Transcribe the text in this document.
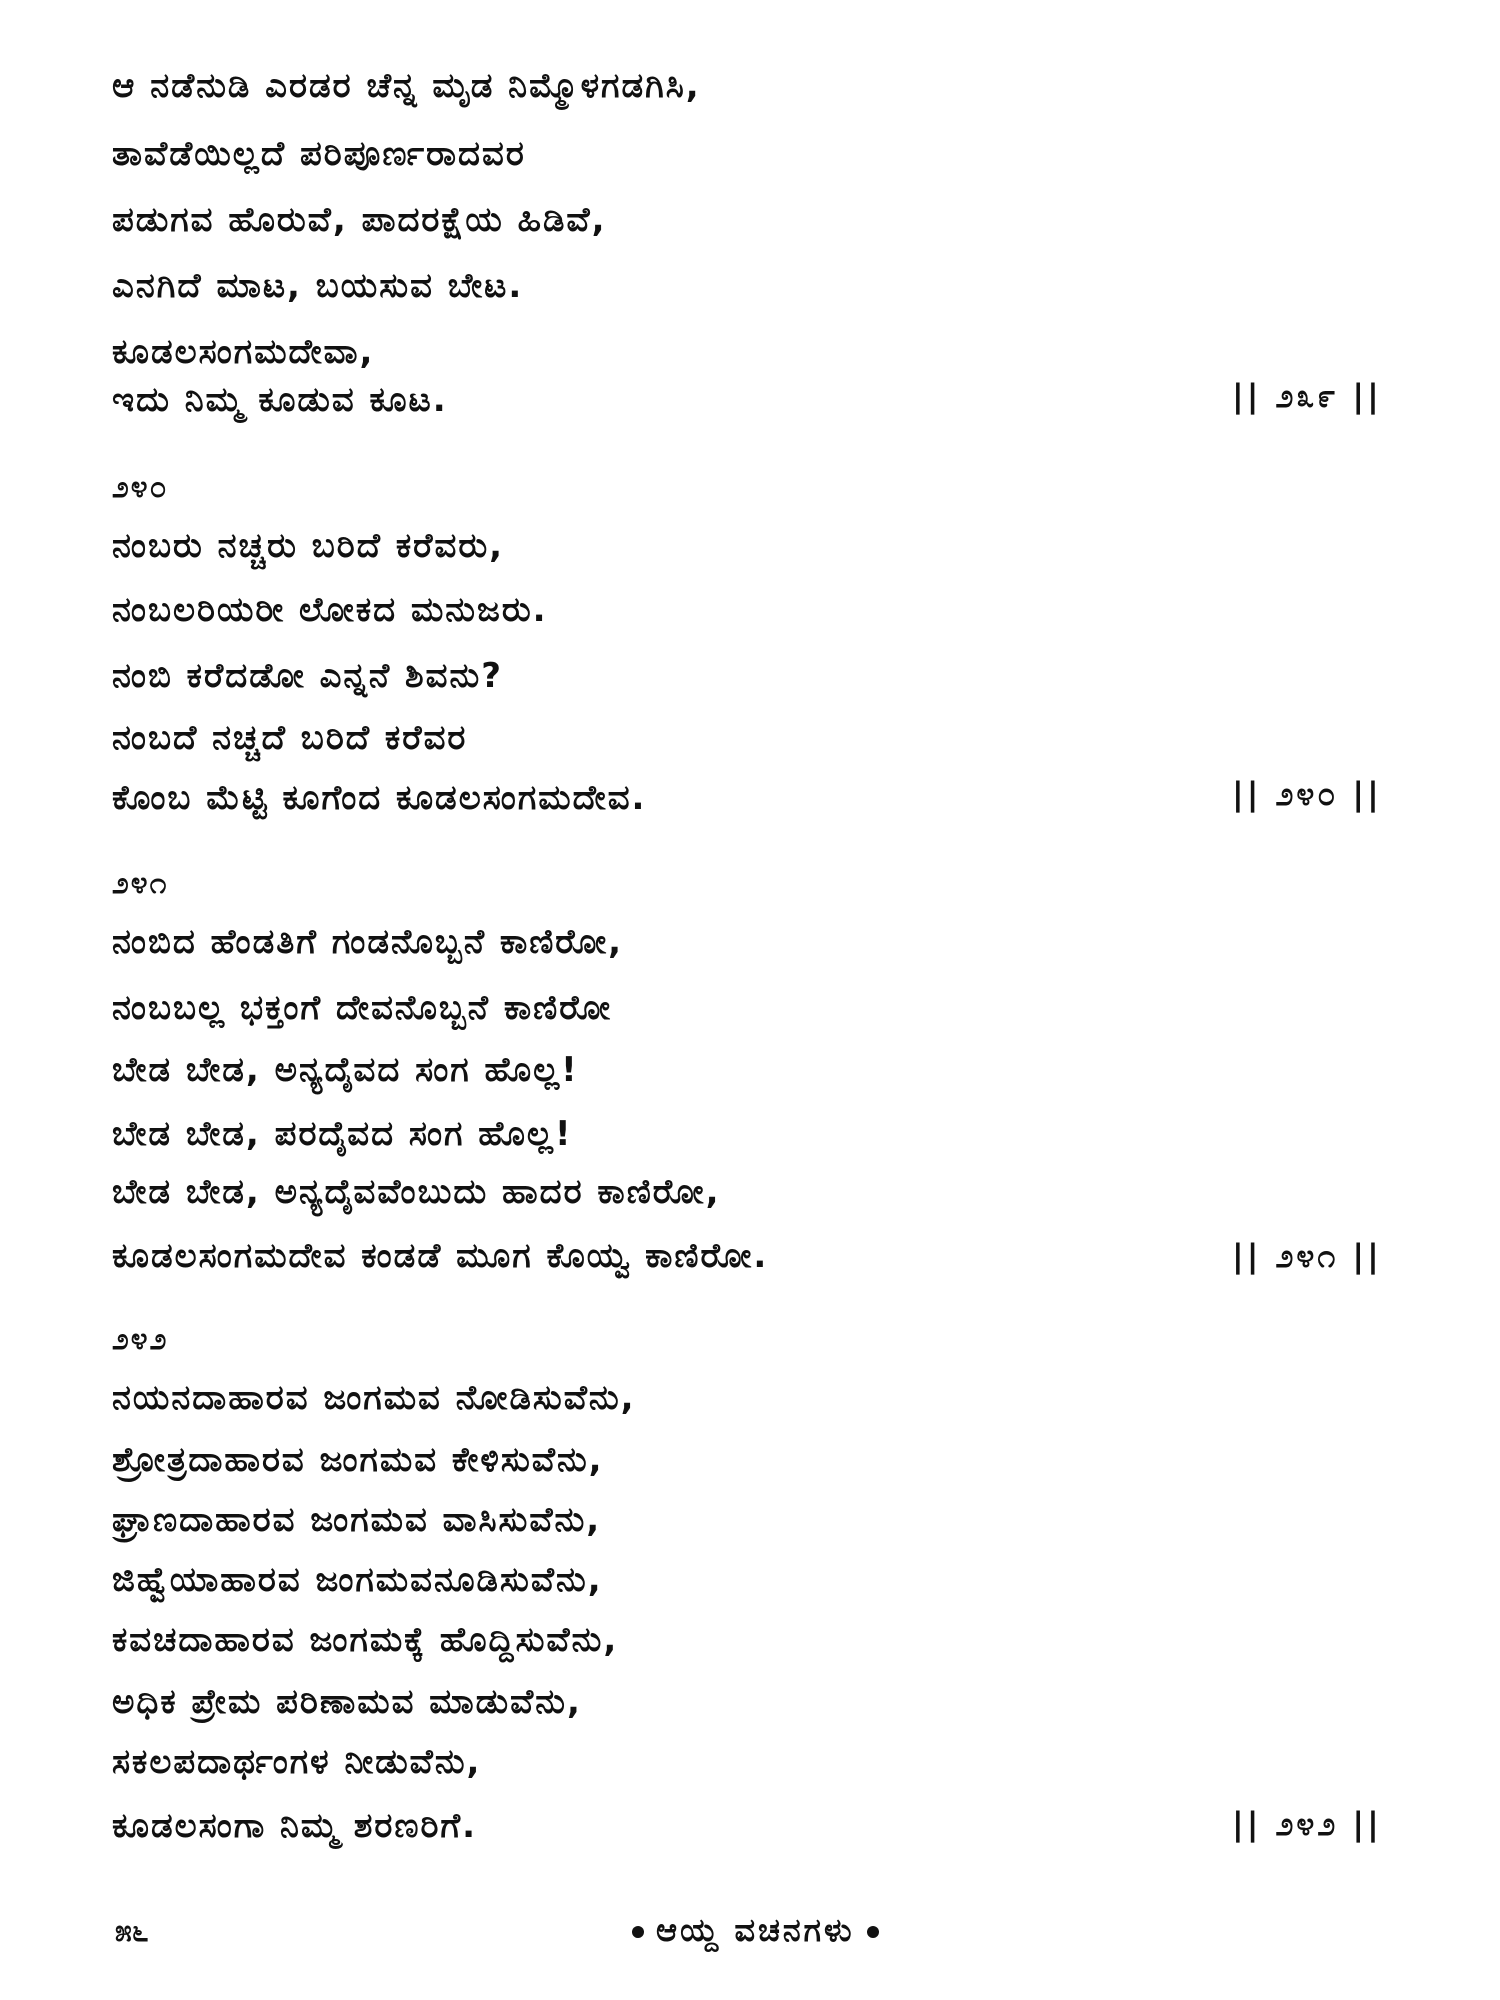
ಆ ನಡೆನುಡಿ ಎರಡರ ಚೆನ್ನ ಮೃಡ ನಿಮ್ಮೊಳಗಡಗಿಸಿ,
ತಾವೆಡೆಯಿಲ್ಲದೆ ಪರಿಪೂರ್ಣರಾದವರ
ಪಡುಗವ ಹೊರುವೆ, ಪಾದರಕ್ಷೆಯ ಹಿಡಿವೆ,
ಎನಗಿದೆ ಮಾಟ, ಬಯಸುವ ಬೇಟ.
ಕೂಡಲಸಂಗಮದೇವಾ,
ಇದು ನಿಮ್ಮ ಕೂಡುವ ಕೂಟ.	|| ೨೩೯ ||
೨೪೦
ನಂಬರು ನಚ್ಚರು ಬರಿದೆ ಕರೆವರು,
ನಂಬಲರಿಯರೀ ಲೋಕದ ಮನುಜರು.
ನಂಬಿ ಕರೆದಡೋ ಎನ್ನನೆ ಶಿವನು?
ನಂಬದೆ ನಚ್ಚದೆ ಬರಿದೆ ಕರೆವರ
ಕೊಂಬ ಮೆಟ್ಟಿ ಕೂಗೆಂದ ಕೂಡಲಸಂಗಮದೇವ.	|| ೨೪೦ ||
೨೪೧
ನಂಬಿದ ಹೆಂಡತಿಗೆ ಗಂಡನೊಬ್ಬನೆ ಕಾಣಿರೋ,
ನಂಬಬಲ್ಲ ಭಕ್ತಂಗೆ ದೇವನೊಬ್ಬನೆ ಕಾಣಿರೋ
ಬೇಡ ಬೇಡ, ಅನ್ಯದೈವದ ಸಂಗ ಹೊಲ್ಲ!
ಬೇಡ ಬೇಡ, ಪರದೈವದ ಸಂಗ ಹೊಲ್ಲ!
ಬೇಡ ಬೇಡ, ಅನ್ಯದೈವವೆಂಬುದು ಹಾದರ ಕಾಣಿರೋ,
ಕೂಡಲಸಂಗಮದೇವ ಕಂಡಡೆ ಮೂಗ ಕೊಯ್ವ ಕಾಣಿರೋ.	|| ೨೪೧ ||
೨೪೨
ನಯನದಾಹಾರವ ಜಂಗಮವ ನೋಡಿಸುವೆನು,
ಶ್ರೋತ್ರದಾಹಾರವ ಜಂಗಮವ ಕೇಳಿಸುವೆನು,
ಘ್ರಾಣದಾಹಾರವ ಜಂಗಮವ ವಾಸಿಸುವೆನು,
ಜಿಹ್ವೆಯಾಹಾರವ ಜಂಗಮವನೂಡಿಸುವೆನು,
ಕವಚದಾಹಾರವ ಜಂಗಮಕ್ಕೆ ಹೊದ್ದಿಸುವೆನು,
ಅಧಿಕ ಪ್ರೇಮ ಪರಿಣಾಮವ ಮಾಡುವೆನು,
ಸಕಲಪದಾರ್ಥಂಗಳ ನೀಡುವೆನು,
ಕೂಡಲಸಂಗಾ ನಿಮ್ಮ ಶರಣರಿಗೆ.	|| ೨೪೨ ||
೫೬	ಆಯ್ದ ವಚನಗಳು
